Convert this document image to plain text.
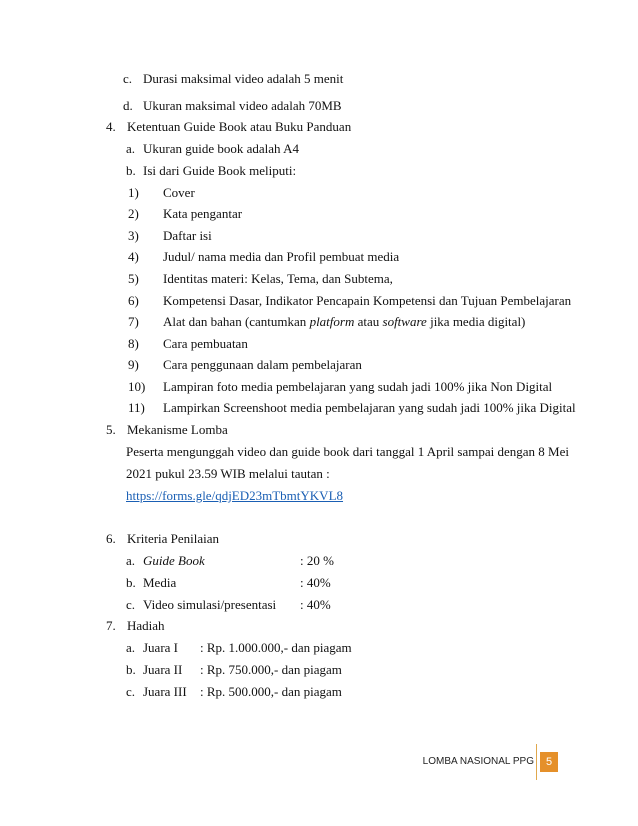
c. Durasi maksimal video adalah 5 menit
d. Ukuran maksimal video adalah 70MB
4. Ketentuan Guide Book atau Buku Panduan
a. Ukuran guide book adalah A4
b. Isi dari Guide Book meliputi:
1) Cover
2) Kata pengantar
3) Daftar isi
4) Judul/ nama media dan Profil pembuat media
5) Identitas materi: Kelas, Tema, dan Subtema,
6) Kompetensi Dasar, Indikator Pencapain Kompetensi dan Tujuan Pembelajaran
7) Alat dan bahan (cantumkan platform atau software jika media digital)
8) Cara pembuatan
9) Cara penggunaan dalam pembelajaran
10) Lampiran foto media pembelajaran yang sudah jadi 100% jika Non Digital
11) Lampirkan Screenshoot media pembelajaran yang sudah jadi 100% jika Digital
5. Mekanisme Lomba
Peserta mengunggah video dan guide book dari tanggal 1 April sampai dengan 8 Mei
2021 pukul 23.59 WIB melalui tautan :
https://forms.gle/qdjED23mTbmtYKVL8
6. Kriteria Penilaian
a. Guide Book	: 20 %
b. Media	: 40%
c. Video simulasi/presentasi : 40%
7. Hadiah
a. Juara I : Rp. 1.000.000,- dan piagam
b. Juara II : Rp. 750.000,- dan piagam
c. Juara III : Rp. 500.000,- dan piagam
LOMBA NASIONAL PPG	5
